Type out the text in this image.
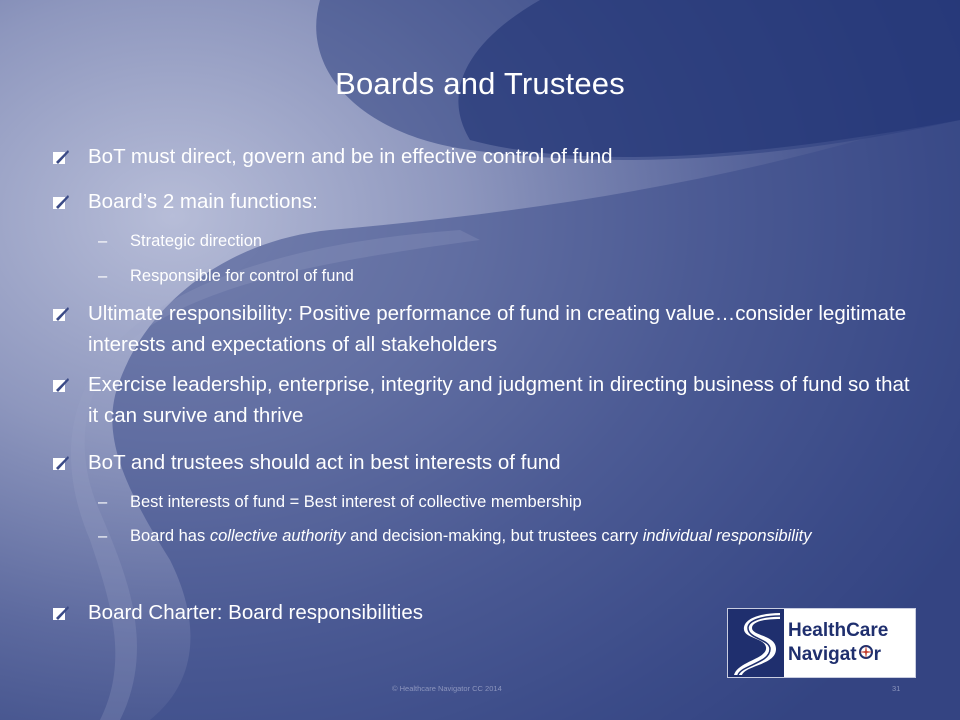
Boards and Trustees
BoT must direct, govern and be in effective control of fund
Board’s 2 main functions:
–	Strategic direction
–	Responsible for control of fund
Ultimate responsibility: Positive performance of fund in creating value…consider legitimate interests and expectations of all stakeholders
Exercise leadership, enterprise, integrity and judgment in directing business of fund so that it can survive and thrive
BoT and trustees should act in best interests of fund
–	Best interests of fund = Best interest of collective membership
–	Board has collective authority and decision-making, but trustees carry individual responsibility
Board Charter: Board responsibilities
HealthCare
Navigat r
© Healthcare Navigator CC 2014	31
